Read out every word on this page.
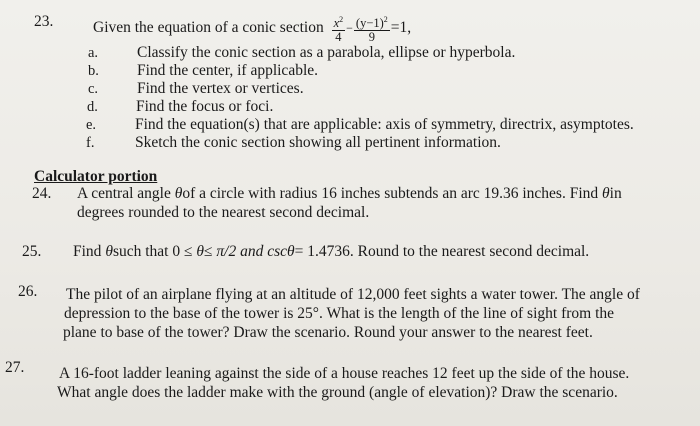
23.	Given the equation of a conic section $\frac{x^2}{4} - \frac{(y-1)^2}{9} =1$,
a.	Classify the conic section as a parabola, ellipse or hyperbola.
b. Find the center, if applicable.
c.	Find the vertex or vertices.
d. Find the focus or foci.
e.	Find the equation(s) that are applicable: axis of symmetry, directrix, asymptotes.
f.	Sketch the conic section showing all pertinent information.
Calculator portion
24. A central angle θof a circle with radius 16 inches subtends an arc 19.36 inches. Find θin
degrees rounded to the nearest second decimal.
25. Find θsuch that 0 ≤ θ≤ π/2 and cscθ= 1.4736. Round to the nearest second decimal.
26. The pilot of an airplane flying at an altitude of 12,000 feet sights a water tower. The angle of
depression to the base of the tower is 25°. What is the length of the line of sight from the
plane to base of the tower? Draw the scenario. Round your answer to the nearest feet.
27. A 16-foot ladder leaning against the side of a house reaches 12 feet up the side of the house.
What angle does the ladder make with the ground (angle of elevation)? Draw the scenario.
